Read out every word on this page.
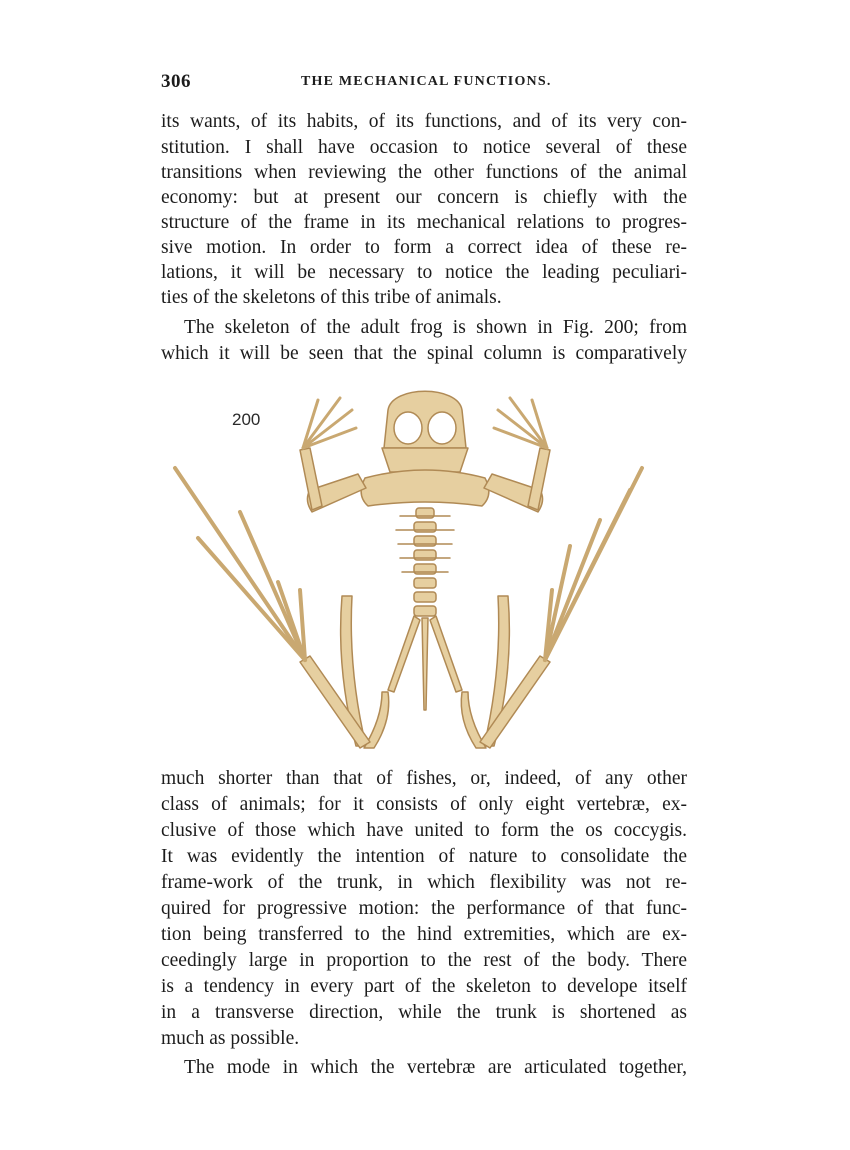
306	THE MECHANICAL FUNCTIONS.
its wants, of its habits, of its functions, and of its very con-
stitution. I shall have occasion to notice several of these
transitions when reviewing the other functions of the animal
economy: but at present our concern is chiefly with the
structure of the frame in its mechanical relations to progres-
sive motion. In order to form a correct idea of these re-
lations, it will be necessary to notice the leading peculiari-
ties of the skeletons of this tribe of animals.
The skeleton of the adult frog is shown in Fig. 200; from
which it will be seen that the spinal column is comparatively
200
much shorter than that of fishes, or, indeed, of any other
class of animals; for it consists of only eight vertebræ, ex-
clusive of those which have united to form the os coccygis.
It was evidently the intention of nature to consolidate the
frame-work of the trunk, in which flexibility was not re-
quired for progressive motion: the performance of that func-
tion being transferred to the hind extremities, which are ex-
ceedingly large in proportion to the rest of the body. There
is a tendency in every part of the skeleton to develope itself
in a transverse direction, while the trunk is shortened as
much as possible.
The mode in which the vertebræ are articulated together,
